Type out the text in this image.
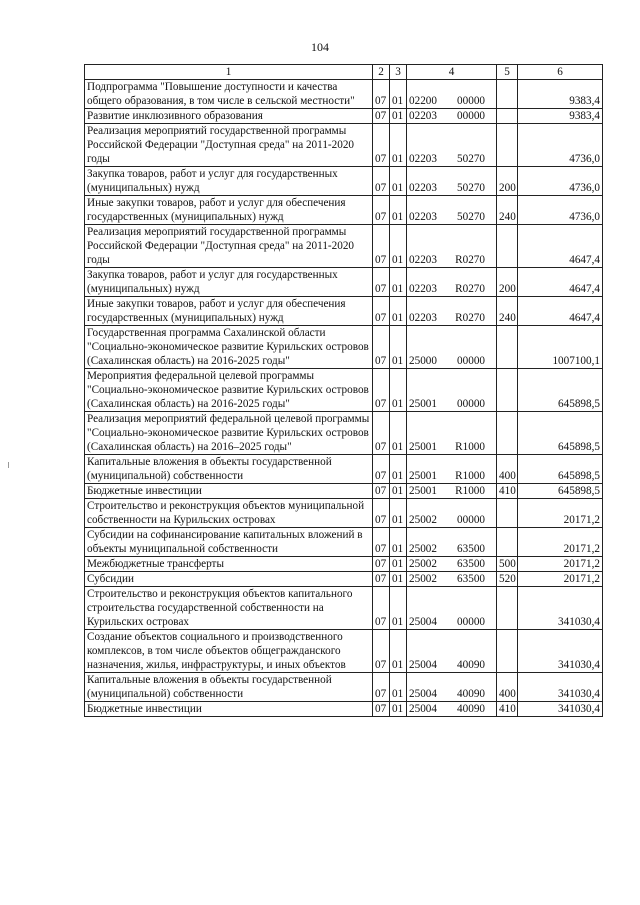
104
1	2	3	4	5	6
Подпрограмма "Повышение доступности и качества общего образования, в том числе в сельской местности"	07	01	02200 00000		9383,4
Развитие инклюзивного образования	07	01	02203 00000		9383,4
Реализация мероприятий государственной программы Российской Федерации "Доступная среда" на 2011-2020 годы	07	01	02203 50270		4736,0
Закупка товаров, работ и услуг для государственных (муниципальных) нужд	07	01	02203 50270	200	4736,0
Иные закупки товаров, работ и услуг для обеспечения государственных (муниципальных) нужд	07	01	02203 50270	240	4736,0
Реализация мероприятий государственной программы Российской Федерации "Доступная среда" на 2011-2020 годы	07	01	02203 R0270		4647,4
Закупка товаров, работ и услуг для государственных (муниципальных) нужд	07	01	02203 R0270	200	4647,4
Иные закупки товаров, работ и услуг для обеспечения государственных (муниципальных) нужд	07	01	02203 R0270	240	4647,4
Государственная программа Сахалинской области "Социально-экономическое развитие Курильских островов (Сахалинская область) на 2016-2025 годы"	07	01	25000 00000		1007100,1
Мероприятия федеральной целевой программы "Социально-экономическое развитие Курильских островов (Сахалинская область) на 2016-2025 годы"	07	01	25001 00000		645898,5
Реализация мероприятий федеральной целевой программы "Социально-экономическое развитие Курильских островов (Сахалинская область) на 2016–2025 годы"	07	01	25001 R1000		645898,5
Капитальные вложения в объекты государственной (муниципальной) собственности	07	01	25001 R1000	400	645898,5
Бюджетные инвестиции	07	01	25001 R1000	410	645898,5
Строительство и реконструкция объектов муниципальной собственности на Курильских островах	07	01	25002 00000		20171,2
Субсидии на софинансирование капитальных вложений в объекты муниципальной собственности	07	01	25002 63500		20171,2
Межбюджетные трансферты	07	01	25002 63500	500	20171,2
Субсидии	07	01	25002 63500	520	20171,2
Строительство и реконструкция объектов капитального строительства государственной собственности на Курильских островах	07	01	25004 00000		341030,4
Создание объектов социального и производственного комплексов, в том числе объектов общегражданского назначения, жилья, инфраструктуры, и иных объектов	07	01	25004 40090		341030,4
Капитальные вложения в объекты государственной (муниципальной) собственности	07	01	25004 40090	400	341030,4
Бюджетные инвестиции	07	01	25004 40090	410	341030,4
